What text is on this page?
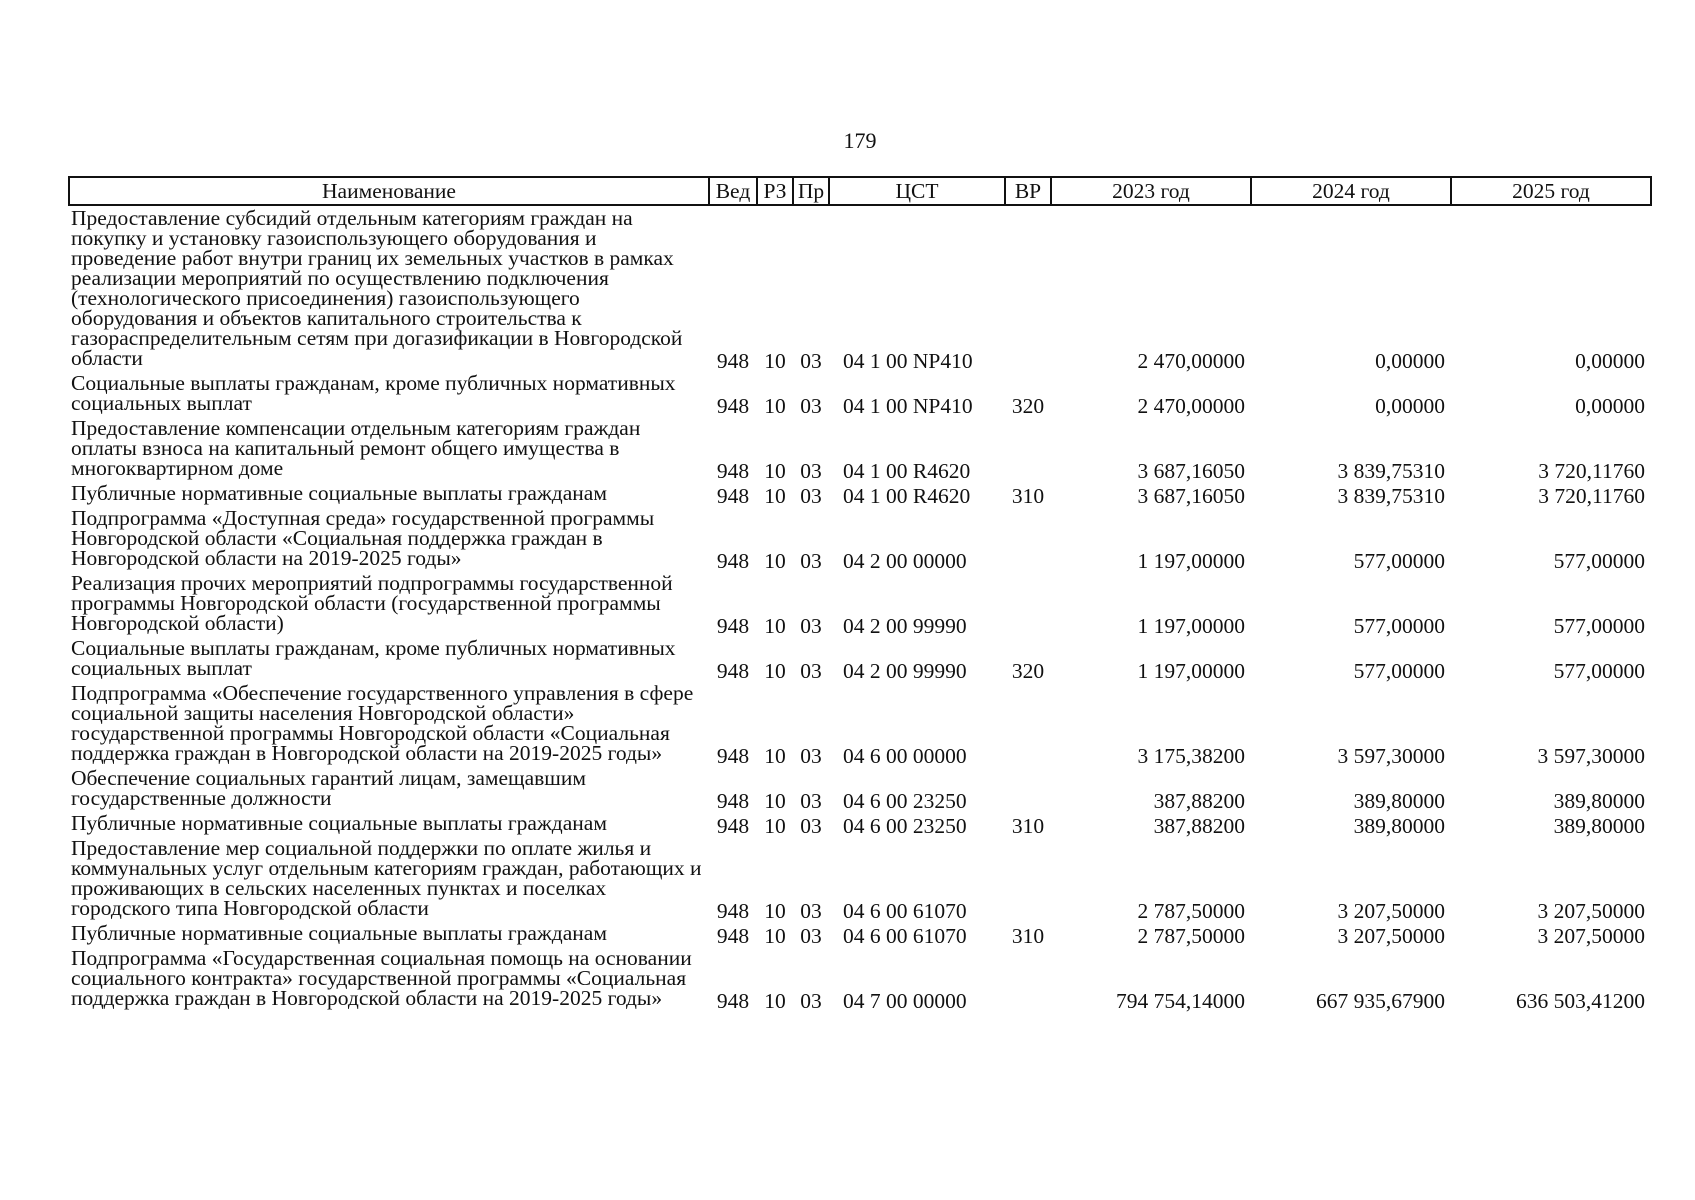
179
Наименование	Вед	РЗ	Пр	ЦСТ	ВР	2023 год	2024 год	2025 год
Предоставление субсидий отдельным категориям граждан на покупку и установку газоиспользующего оборудования и проведение работ внутри границ их земельных участков в рамках реализации мероприятий по осуществлению подключения (технологического присоединения) газоиспользующего оборудования и объектов капитального строительства к газораспределительным сетям при догазификации в Новгородской области	948	10	03	04 1 00 NP410		2 470,00000	0,00000	0,00000
Социальные выплаты гражданам, кроме публичных нормативных социальных выплат	948	10	03	04 1 00 NP410	320	2 470,00000	0,00000	0,00000
Предоставление компенсации отдельным категориям граждан оплаты взноса на капитальный ремонт общего имущества в многоквартирном доме	948	10	03	04 1 00 R4620		3 687,16050	3 839,75310	3 720,11760
Публичные нормативные социальные выплаты гражданам	948	10	03	04 1 00 R4620	310	3 687,16050	3 839,75310	3 720,11760
Подпрограмма «Доступная среда» государственной программы Новгородской области «Социальная поддержка граждан в Новгородской области на 2019-2025 годы»	948	10	03	04 2 00 00000		1 197,00000	577,00000	577,00000
Реализация прочих мероприятий подпрограммы государственной программы Новгородской области (государственной программы Новгородской области)	948	10	03	04 2 00 99990		1 197,00000	577,00000	577,00000
Социальные выплаты гражданам, кроме публичных нормативных социальных выплат	948	10	03	04 2 00 99990	320	1 197,00000	577,00000	577,00000
Подпрограмма «Обеспечение государственного управления в сфере социальной защиты населения Новгородской области» государственной программы Новгородской области «Социальная поддержка граждан в Новгородской области на 2019-2025 годы»	948	10	03	04 6 00 00000		3 175,38200	3 597,30000	3 597,30000
Обеспечение социальных гарантий лицам, замещавшим государственные должности	948	10	03	04 6 00 23250		387,88200	389,80000	389,80000
Публичные нормативные социальные выплаты гражданам	948	10	03	04 6 00 23250	310	387,88200	389,80000	389,80000
Предоставление мер социальной поддержки по оплате жилья и коммунальных услуг отдельным категориям граждан, работающих и проживающих в сельских населенных пунктах и поселках городского типа Новгородской области	948	10	03	04 6 00 61070		2 787,50000	3 207,50000	3 207,50000
Публичные нормативные социальные выплаты гражданам	948	10	03	04 6 00 61070	310	2 787,50000	3 207,50000	3 207,50000
Подпрограмма «Государственная социальная помощь на основании социального контракта» государственной программы «Социальная поддержка граждан в Новгородской области на 2019-2025 годы»	948	10	03	04 7 00 00000		794 754,14000	667 935,67900	636 503,41200
